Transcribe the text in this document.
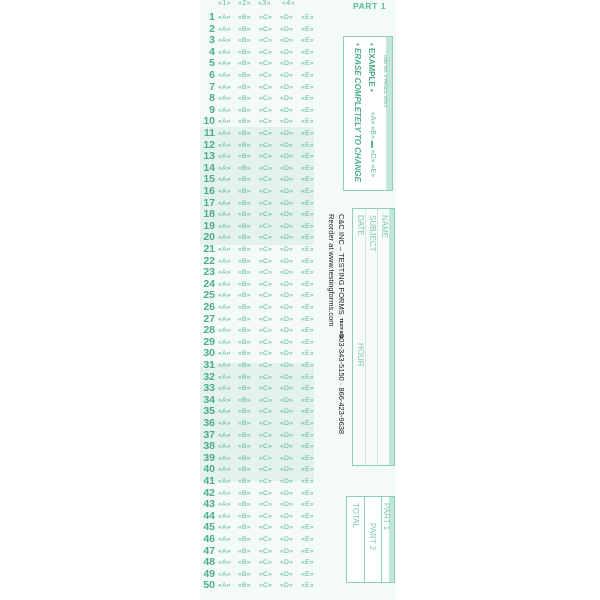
«1» «2» «3» «4»	PART 1
1 «A» «B» «C» «D» «E»
2 «A» «B» «C» «D» «E»
3 «A» «B» «C» «D» «E»
4 «A» «B» «C» «D» «E»
5 «A» «B» «C» «D» «E»
6 «A» «B» «C» «D» «E»
7 «A» «B» «C» «D» «E»
8 «A» «B» «C» «D» «E»
9 «A» «B» «C» «D» «E»
10 «A» «B» «C» «D» «E»
11 «A» «B» «C» «D» «E»
12 «A» «B» «C» «D» «E»
13 «A» «B» «C» «D» «E»
14 «A» «B» «C» «D» «E»
15 «A» «B» «C» «D» «E»
16 «A» «B» «C» «D» «E»
17 «A» «B» «C» «D» «E»
18 «A» «B» «C» «D» «E»
19 «A» «B» «C» «D» «E»
20 «A» «B» «C» «D» «E»
21 «A» «B» «C» «D» «E»
22 «A» «B» «C» «D» «E»
23 «A» «B» «C» «D» «E»
24 «A» «B» «C» «D» «E»
25 «A» «B» «C» «D» «E»
26 «A» «B» «C» «D» «E»
27 «A» «B» «C» «D» «E»
28 «A» «B» «C» «D» «E»
29 «A» «B» «C» «D» «E»
30 «A» «B» «C» «D» «E»
31 «A» «B» «C» «D» «E»
32 «A» «B» «C» «D» «E»
33 «A» «B» «C» «D» «E»
34 «A» «B» «C» «D» «E»
35 «A» «B» «C» «D» «E»
36 «A» «B» «C» «D» «E»
37 «A» «B» «C» «D» «E»
38 «A» «B» «C» «D» «E»
39 «A» «B» «C» «D» «E»
40 «A» «B» «C» «D» «E»
41 «A» «B» «C» «D» «E»
42 «A» «B» «C» «D» «E»
43 «A» «B» «C» «D» «E»
44 «A» «B» «C» «D» «E»
45 «A» «B» «C» «D» «E»
46 «A» «B» «C» «D» «E»
47 «A» «B» «C» «D» «E»
48 «A» «B» «C» «D» «E»
49 «A» «B» «C» «D» «E»
50 «A» «B» «C» «D» «E»
USE NO. 2 PENCIL ONLY
• EXAMPLE •
«A» «B» ▬ «D» «E»
• ERASE COMPLETELY TO CHANGE
C&C INC – TESTING FORMS
TEST-882
503-343-5150 · 866-423-9638
Reorder at www.testingforms.com	NAME
SUBJECT
DATE
HOUR
PART 1
PART 2
TOTAL
